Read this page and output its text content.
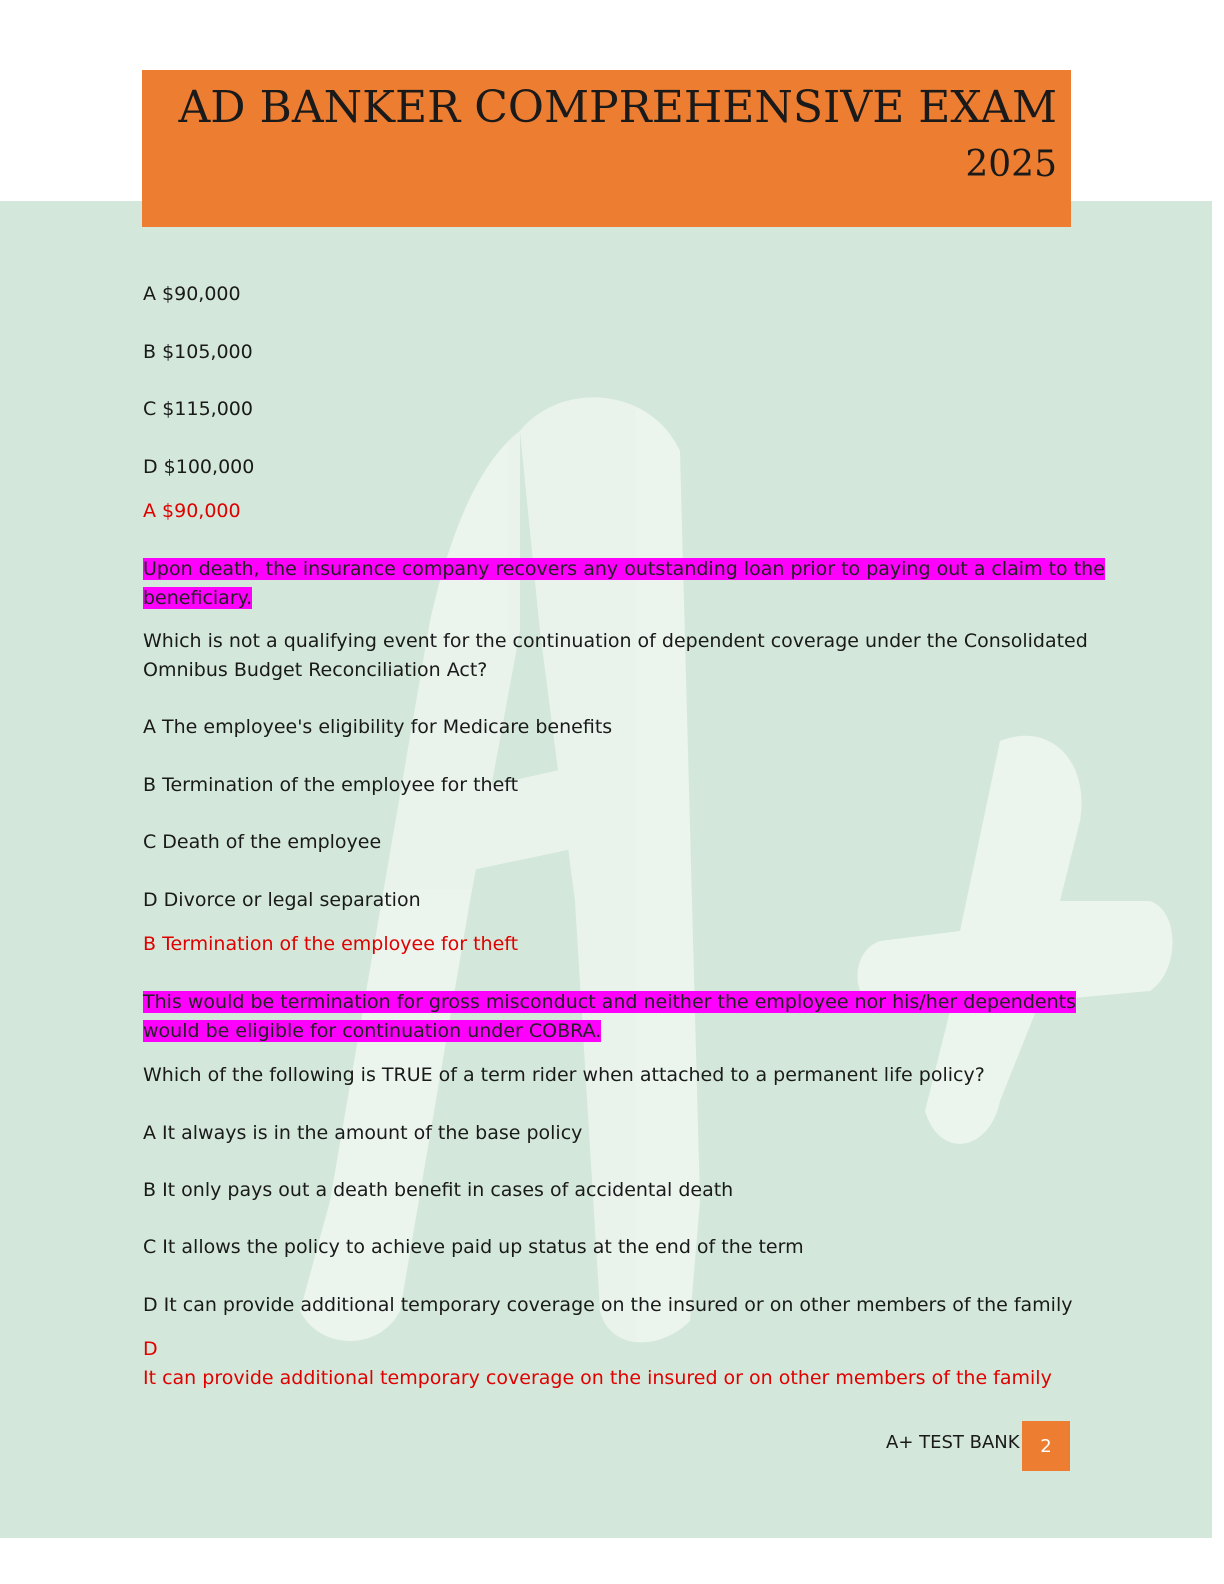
AD BANKER COMPREHENSIVE EXAM
2025
A $90,000
B $105,000
C $115,000
D $100,000
A $90,000
Upon death, the insurance company recovers any outstanding loan prior to paying out a claim to the
beneficiary.
Which is not a qualifying event for the continuation of dependent coverage under the Consolidated
Omnibus Budget Reconciliation Act?
A The employee's eligibility for Medicare benefits
B Termination of the employee for theft
C Death of the employee
D Divorce or legal separation
B Termination of the employee for theft
This would be termination for gross misconduct and neither the employee nor his/her dependents
would be eligible for continuation under COBRA.
Which of the following is TRUE of a term rider when attached to a permanent life policy?
A It always is in the amount of the base policy
B It only pays out a death benefit in cases of accidental death
C It allows the policy to achieve paid up status at the end of the term
D It can provide additional temporary coverage on the insured or on other members of the family
D
It can provide additional temporary coverage on the insured or on other members of the family
A+ TEST BANK	2
